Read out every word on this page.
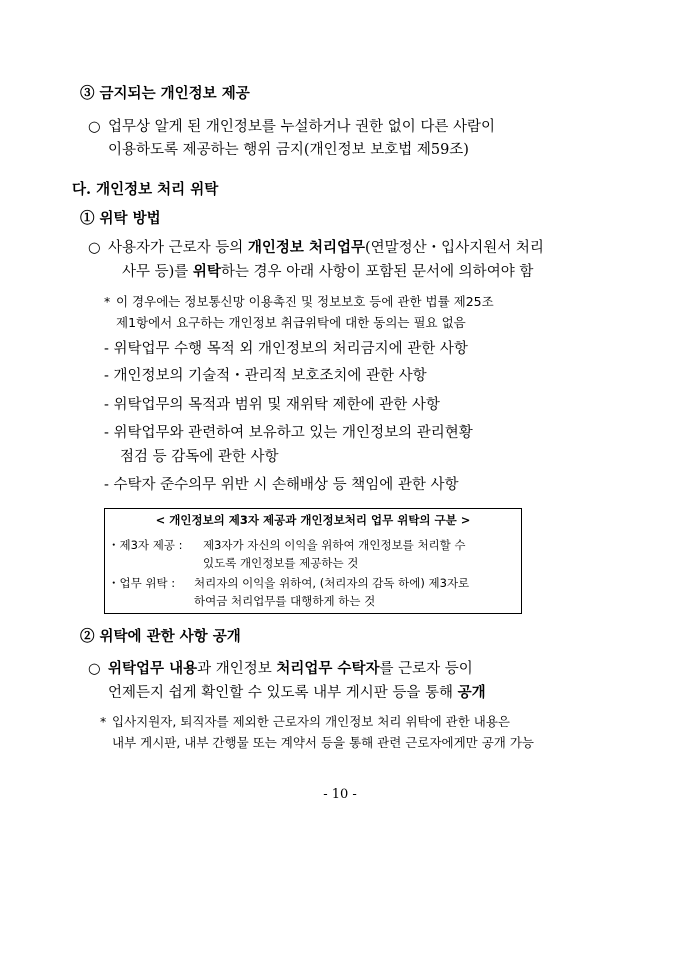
③ 금지되는 개인정보 제공
○ 업무상 알게 된 개인정보를 누설하거나 권한 없이 다른 사람이
이용하도록 제공하는 행위 금지(개인정보 보호법 제59조)
다. 개인정보 처리 위탁
① 위탁 방법
○ 사용자가 근로자 등의 개인정보 처리업무(연말정산・입사지원서 처리
사무 등)를 위탁하는 경우 아래 사항이 포함된 문서에 의하여야 함
* 이 경우에는 정보통신망 이용촉진 및 정보보호 등에 관한 법률 제25조
제1항에서 요구하는 개인정보 취급위탁에 대한 동의는 필요 없음
- 위탁업무 수행 목적 외 개인정보의 처리금지에 관한 사항
- 개인정보의 기술적・관리적 보호조치에 관한 사항
- 위탁업무의 목적과 범위 및 재위탁 제한에 관한 사항
- 위탁업무와 관련하여 보유하고 있는 개인정보의 관리현황
점검 등 감독에 관한 사항
- 수탁자 준수의무 위반 시 손해배상 등 책임에 관한 사항
< 개인정보의 제3자 제공과 개인정보처리 업무 위탁의 구분 >
・제3자 제공 : 제3자가 자신의 이익을 위하여 개인정보를 처리할 수
있도록 개인정보를 제공하는 것
・업무 위탁 : 처리자의 이익을 위하여, (처리자의 감독 하에) 제3자로
하여금 처리업무를 대행하게 하는 것
② 위탁에 관한 사항 공개
○ 위탁업무 내용과 개인정보 처리업무 수탁자를 근로자 등이
언제든지 쉽게 확인할 수 있도록 내부 게시판 등을 통해 공개
* 입사지원자, 퇴직자를 제외한 근로자의 개인정보 처리 위탁에 관한 내용은
내부 게시판, 내부 간행물 또는 계약서 등을 통해 관련 근로자에게만 공개 가능
- 10 -
